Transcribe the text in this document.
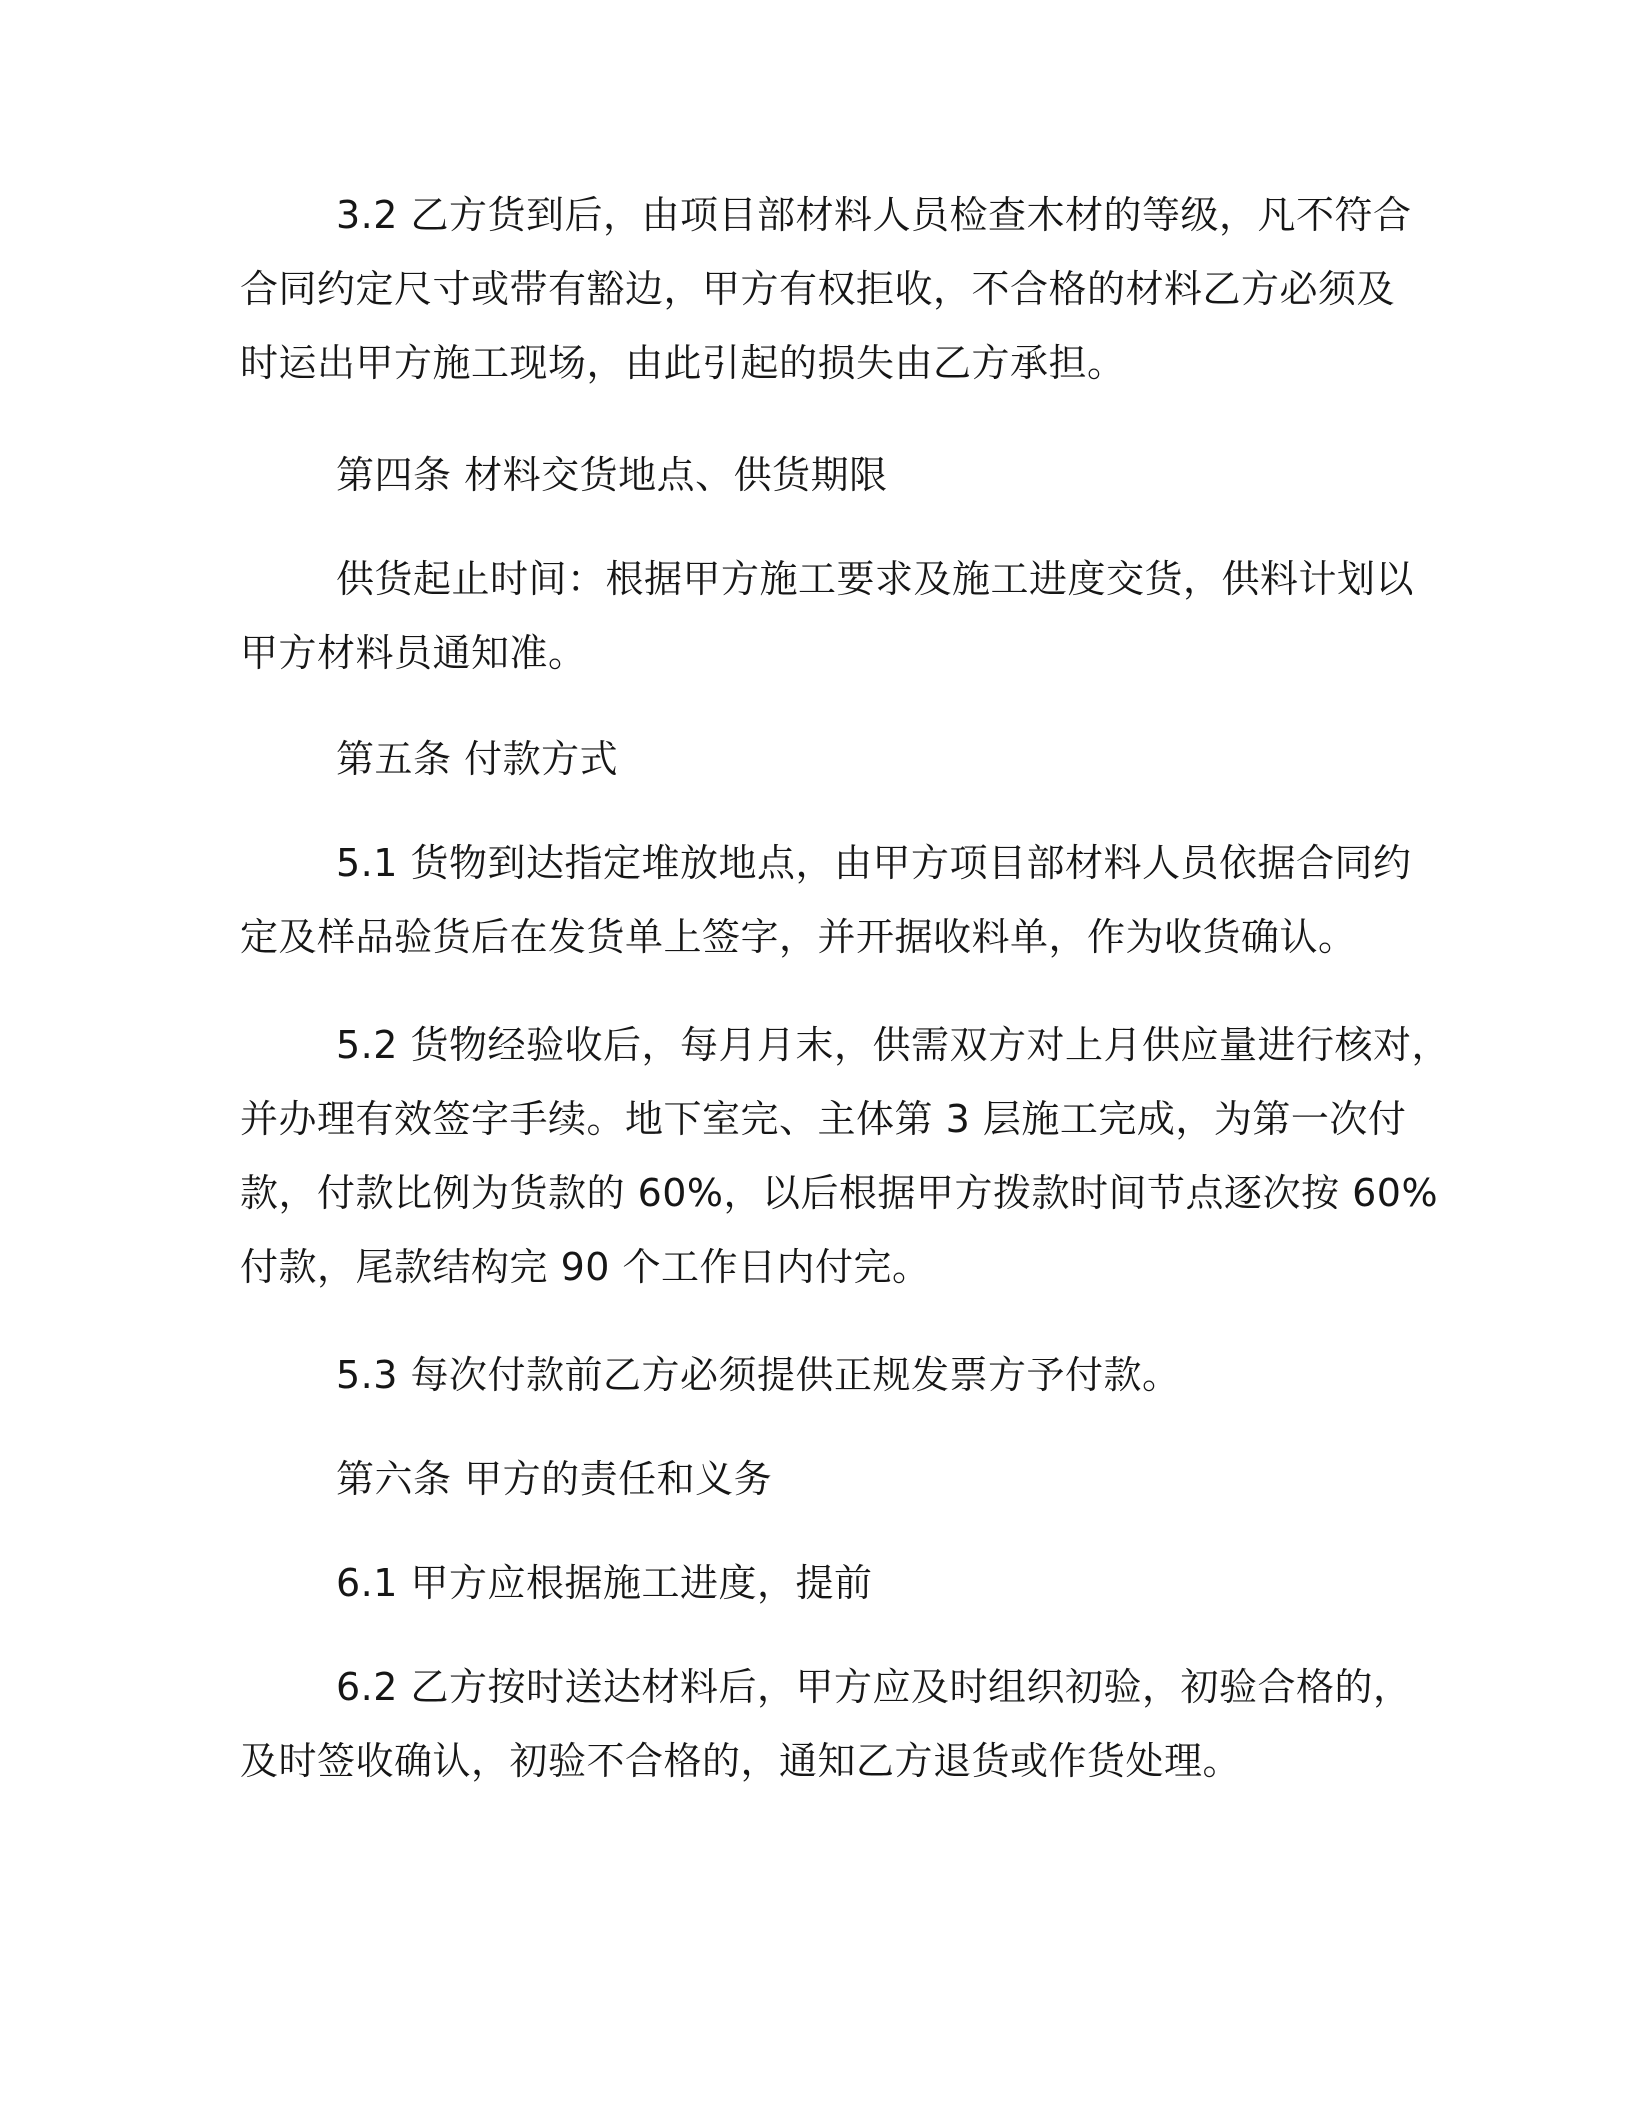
3.2 乙方货到后，由项目部材料人员检查木材的等级，凡不符合
合同约定尺寸或带有豁边，甲方有权拒收，不合格的材料乙方必须及
时运出甲方施工现场，由此引起的损失由乙方承担。

第四条 材料交货地点、供货期限

供货起止时间：根据甲方施工要求及施工进度交货，供料计划以
甲方材料员通知准。

第五条 付款方式

5.1 货物到达指定堆放地点，由甲方项目部材料人员依据合同约
定及样品验货后在发货单上签字，并开据收料单，作为收货确认。

5.2 货物经验收后，每月月末，供需双方对上月供应量进行核对，
并办理有效签字手续。地下室完、主体第 3 层施工完成，为第一次付
款，付款比例为货款的 60%，以后根据甲方拨款时间节点逐次按 60%
付款，尾款结构完 90 个工作日内付完。

5.3 每次付款前乙方必须提供正规发票方予付款。

第六条 甲方的责任和义务

6.1 甲方应根据施工进度，提前

6.2 乙方按时送达材料后，甲方应及时组织初验，初验合格的，
及时签收确认，初验不合格的，通知乙方退货或作货处理。
